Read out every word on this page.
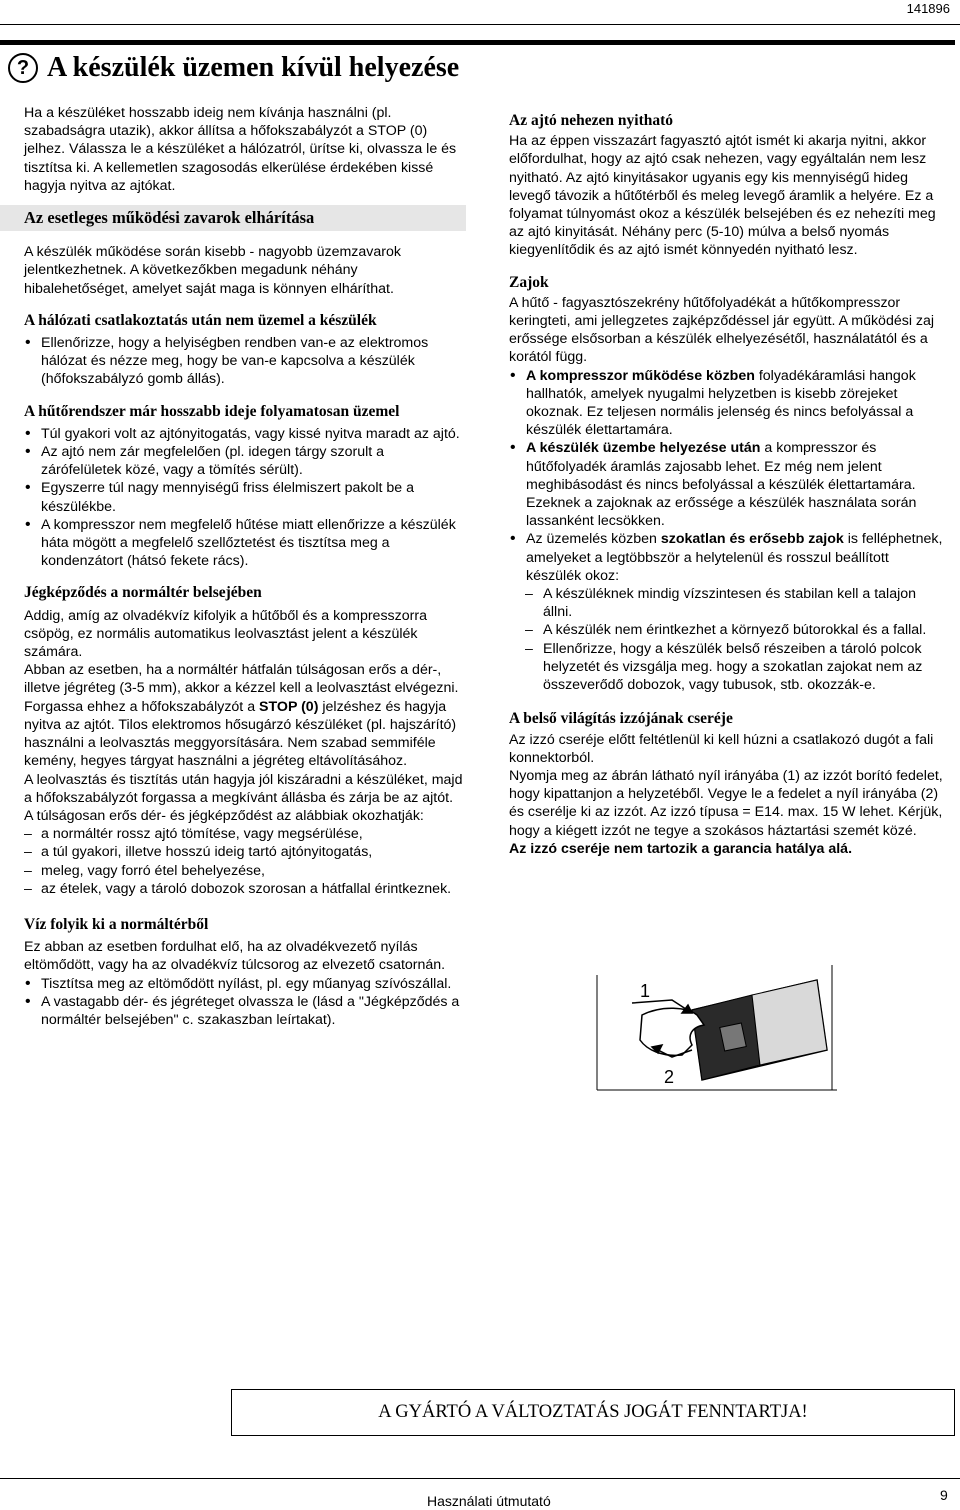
141896
? A készülék üzemen kívül helyezése

Ha a készüléket hosszabb ideig nem kívánja használni (pl. szabadságra utazik), akkor állítsa a hőfokszabályzót a STOP (0) jelhez. Válassza le a készüléket a hálózatról, ürítse ki, olvassza le és tisztítsa ki. A kellemetlen szagosodás elkerülése érdekében kissé hagyja nyitva az ajtókat.

Az esetleges működési zavarok elhárítása

A készülék működése során kisebb - nagyobb üzemzavarok jelentkezhetnek. A következőkben megadunk néhány hibalehetőséget, amelyet saját maga is könnyen elháríthat.

A hálózati csatlakoztatás után nem üzemel a készülék
• Ellenőrizze, hogy a helyiségben rendben van-e az elektromos hálózat és nézze meg, hogy be van-e kapcsolva a készülék (hőfokszabályzó gomb állás).
A hűtőrendszer már hosszabb ideje folyamatosan üzemel
• Túl gyakori volt az ajtónyitogatás, vagy kissé nyitva maradt az ajtó.
• Az ajtó nem zár megfelelően (pl. idegen tárgy szorult a zárófelületek közé, vagy a tömítés sérült).
• Egyszerre túl nagy mennyiségű friss élelmiszert pakolt be a készülékbe.
• A kompresszor nem megfelelő hűtése miatt ellenőrizze a készülék háta mögött a megfelelő szellőztetést és tisztítsa meg a kondenzátort (hátsó fekete rács).
Jégképződés a normáltér belsejében

Addig, amíg az olvadékvíz kifolyik a hűtőből és a kompresszorra csöpög, ez normális automatikus leolvasztást jelent a készülék számára.

Abban az esetben, ha a normáltér hátfalán túlságosan erős a dér-, illetve jégréteg (3-5 mm), akkor a kézzel kell a leolvasztást elvégezni.

Forgassa ehhez a hőfokszabályzót a STOP (0) jelzéshez és hagyja nyitva az ajtót. Tilos elektromos hősugárzó készüléket (pl. hajszárító) használni a leolvasztás meggyorsítására. Nem szabad semmiféle kemény, hegyes tárgyat használni a jégréteg eltávolításához.

A leolvasztás és tisztítás után hagyja jól kiszáradni a készüléket, majd a hőfokszabályzót forgassa a megkívánt állásba és zárja be az ajtót.

A túlságosan erős dér- és jégképződést az alábbiak okozhatják:

– a normáltér rossz ajtó tömítése, vagy megsérülése,
– a túl gyakori, illetve hosszú ideig tartó ajtónyitogatás,
– meleg, vagy forró étel behelyezése,
– az ételek, vagy a tároló dobozok szorosan a hátfallal érintkeznek.
Víz folyik ki a normáltérből

Ez abban az esetben fordulhat elő, ha az olvadékvezető nyílás eltömődött, vagy ha az olvadékvíz túlcsorog az elvezető csatornán.

• Tisztítsa meg az eltömődött nyílást, pl. egy műanyag szívószállal.
• A vastagabb dér- és jégréteget olvassza le (lásd a "Jégképződés a normáltér belsejében" c. szakaszban leírtakat).
Az ajtó nehezen nyitható

Ha az éppen visszazárt fagyasztó ajtót ismét ki akarja nyitni, akkor előfordulhat, hogy az ajtó csak nehezen, vagy egyáltalán nem lesz nyitható. Az ajtó kinyitásakor ugyanis egy kis mennyiségű hideg levegő távozik a hűtőtérből és meleg levegő áramlik a helyére. Ez a folyamat túlnyomást okoz a készülék belsejében és ez nehezíti meg az ajtó kinyitását. Néhány perc (5-10) múlva a belső nyomás kiegyenlítődik és az ajtó ismét könnyedén nyitható lesz.

Zajok

A hűtő - fagyasztószekrény hűtőfolyadékát a hűtőkompresszor keringteti, ami jellegzetes zajképződéssel jár együtt. A működési zaj erőssége elsősorban a készülék elhelyezésétől, használatától és a korától függ.

• A kompresszor működése közben folyadékáramlási hangok hallhatók, amelyek nyugalmi helyzetben is kisebb zörejeket okoznak. Ez teljesen normális jelenség és nincs befolyással a készülék élettartamára.
• A készülék üzembe helyezése után a kompresszor és hűtőfolyadék áramlás zajosabb lehet. Ez még nem jelent meghibásodást és nincs befolyással a készülék élettartamára. Ezeknek a zajoknak az erőssége a készülék használata során lassanként lecsökken.
• Az üzemelés közben szokatlan és erősebb zajok is felléphetnek, amelyeket a legtöbbször a helytelenül és rosszul beállított készülék okoz:
– A készüléknek mindig vízszintesen és stabilan kell a talajon állni.
– A készülék nem érintkezhet a környező bútorokkal és a fallal.
– Ellenőrizze, hogy a készülék belső részeiben a tároló polcok helyzetét és vizsgálja meg. hogy a szokatlan zajokat nem az összeverődő dobozok, vagy tubusok, stb. okozzák-e.
A belső világítás izzójának cseréje

Az izzó cseréje előtt feltétlenül ki kell húzni a csatlakozó dugót a fali konnektorból.

Nyomja meg az ábrán látható nyíl irányába (1) az izzót borító fedelet, hogy kipattanjon a helyzetéből. Vegye le a fedelet a nyíl irányába (2) és cserélje ki az izzót. Az izzó típusa = E14. max. 15 W lehet. Kérjük, hogy a kiégett izzót ne tegye a szokásos háztartási szemét közé.

Az izzó cseréje nem tartozik a garancia hatálya alá.

1
2
A GYÁRTÓ A VÁLTOZTATÁS JOGÁT FENNTARTJA!
Használati útmutató	9
